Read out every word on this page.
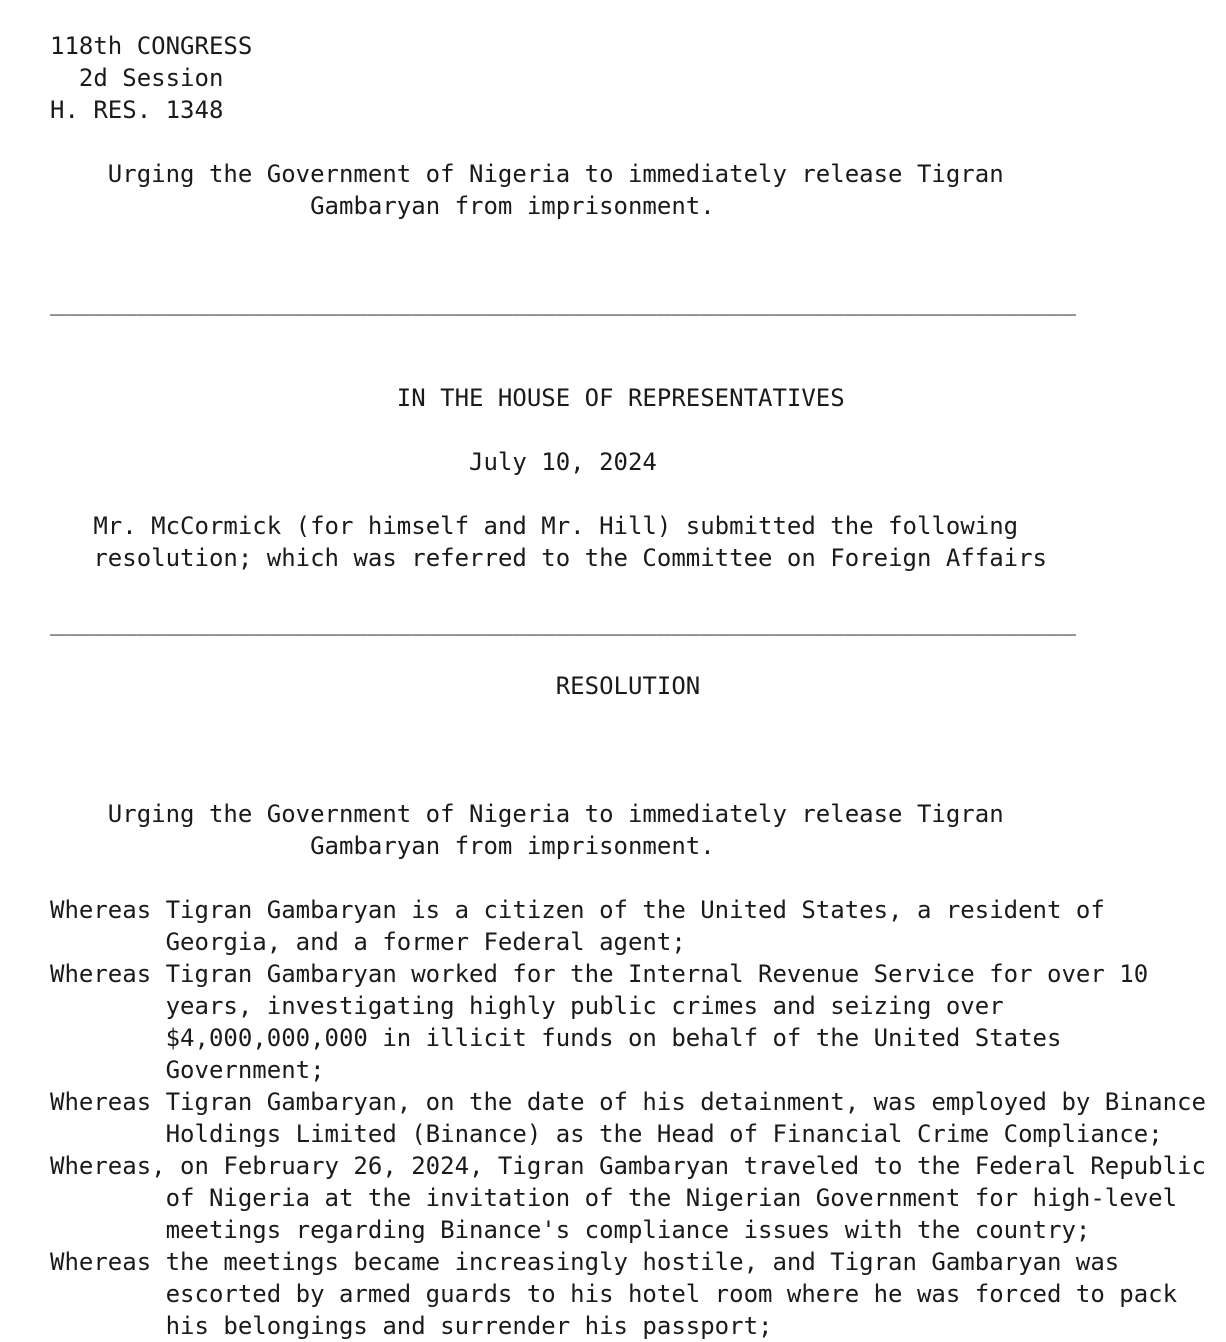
118th CONGRESS
2d Session
H. RES. 1348

Urging the Government of Nigeria to immediately release Tigran
Gambaryan from imprisonment.

_______________________________________________________________________

IN THE HOUSE OF REPRESENTATIVES

July 10, 2024

Mr. McCormick (for himself and Mr. Hill) submitted the following
resolution; which was referred to the Committee on Foreign Affairs

_______________________________________________________________________

RESOLUTION

Urging the Government of Nigeria to immediately release Tigran
Gambaryan from imprisonment.

Whereas Tigran Gambaryan is a citizen of the United States, a resident of
Georgia, and a former Federal agent;
Whereas Tigran Gambaryan worked for the Internal Revenue Service for over 10
years, investigating highly public crimes and seizing over
$4,000,000,000 in illicit funds on behalf of the United States
Government;
Whereas Tigran Gambaryan, on the date of his detainment, was employed by Binance
Holdings Limited (Binance) as the Head of Financial Crime Compliance;
Whereas, on February 26, 2024, Tigran Gambaryan traveled to the Federal Republic
of Nigeria at the invitation of the Nigerian Government for high-level
meetings regarding Binance's compliance issues with the country;
Whereas the meetings became increasingly hostile, and Tigran Gambaryan was
escorted by armed guards to his hotel room where he was forced to pack
his belongings and surrender his passport;
